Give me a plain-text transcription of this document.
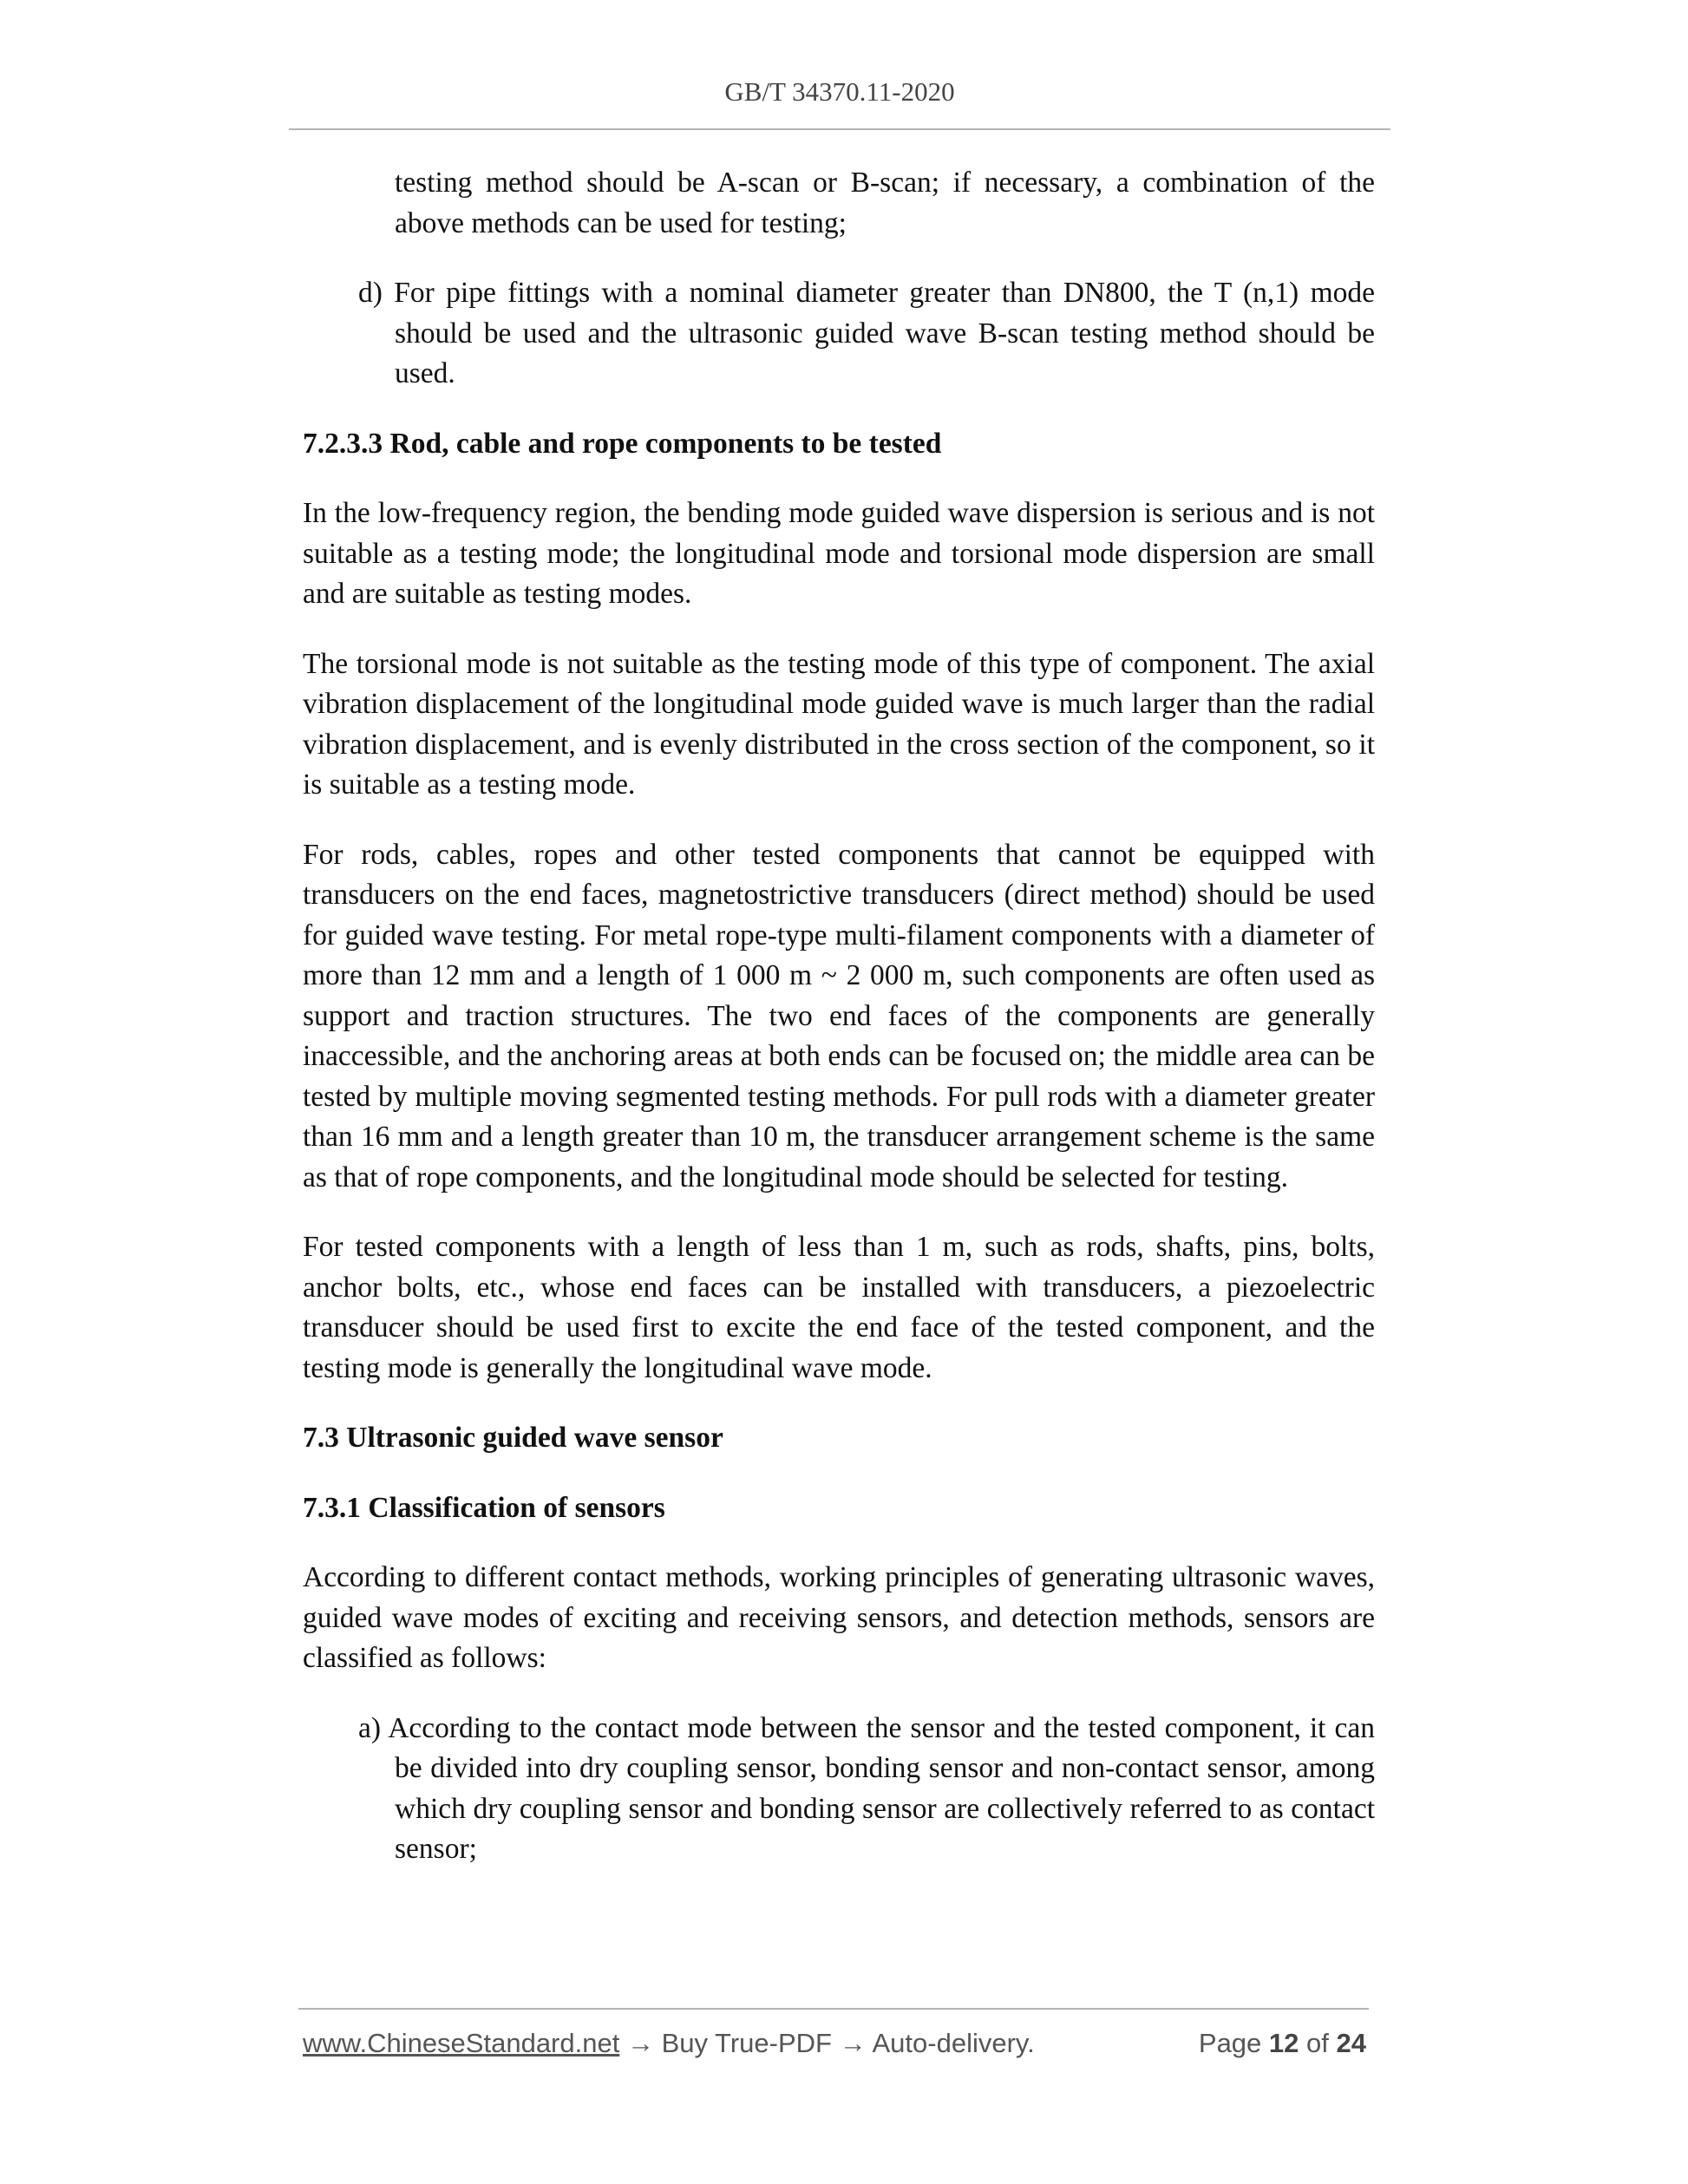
GB/T 34370.11-2020

testing method should be A-scan or B-scan; if necessary, a combination of the above methods can be used for testing;

d) For pipe fittings with a nominal diameter greater than DN800, the T (n,1) mode should be used and the ultrasonic guided wave B-scan testing method should be used.

7.2.3.3 Rod, cable and rope components to be tested

In the low-frequency region, the bending mode guided wave dispersion is serious and is not suitable as a testing mode; the longitudinal mode and torsional mode dispersion are small and are suitable as testing modes.

The torsional mode is not suitable as the testing mode of this type of component. The axial vibration displacement of the longitudinal mode guided wave is much larger than the radial vibration displacement, and is evenly distributed in the cross section of the component, so it is suitable as a testing mode.

For rods, cables, ropes and other tested components that cannot be equipped with transducers on the end faces, magnetostrictive transducers (direct method) should be used for guided wave testing. For metal rope-type multi-filament components with a diameter of more than 12 mm and a length of 1 000 m ~ 2 000 m, such components are often used as support and traction structures. The two end faces of the components are generally inaccessible, and the anchoring areas at both ends can be focused on; the middle area can be tested by multiple moving segmented testing methods. For pull rods with a diameter greater than 16 mm and a length greater than 10 m, the transducer arrangement scheme is the same as that of rope components, and the longitudinal mode should be selected for testing.

For tested components with a length of less than 1 m, such as rods, shafts, pins, bolts, anchor bolts, etc., whose end faces can be installed with transducers, a piezoelectric transducer should be used first to excite the end face of the tested component, and the testing mode is generally the longitudinal wave mode.

7.3 Ultrasonic guided wave sensor

7.3.1 Classification of sensors

According to different contact methods, working principles of generating ultrasonic waves, guided wave modes of exciting and receiving sensors, and detection methods, sensors are classified as follows:

a) According to the contact mode between the sensor and the tested component, it can be divided into dry coupling sensor, bonding sensor and non-contact sensor, among which dry coupling sensor and bonding sensor are collectively referred to as contact sensor;

www.ChineseStandard.net → Buy True-PDF → Auto-delivery.	Page 12 of 24
